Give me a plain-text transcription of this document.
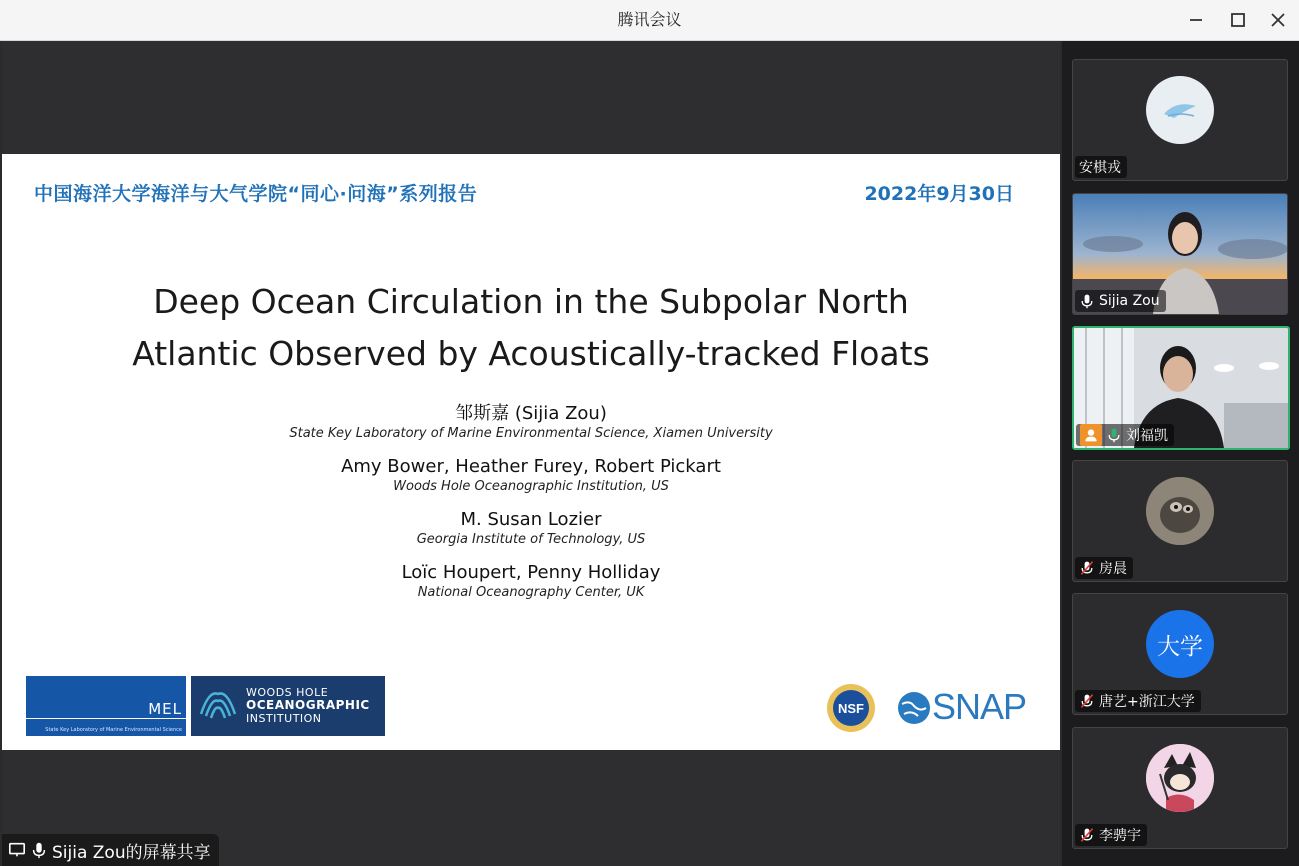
腾讯会议
中国海洋大学海洋与大气学院“同心·问海”系列报告	2022年9月30日
Deep Ocean Circulation in the Subpolar North
Atlantic Observed by Acoustically-tracked Floats
邹斯嘉 (Sijia Zou)
State Key Laboratory of Marine Environmental Science, Xiamen University
Amy Bower, Heather Furey, Robert Pickart
Woods Hole Oceanographic Institution, US
M. Susan Lozier
Georgia Institute of Technology, US
Loïc Houpert, Penny Holliday
National Oceanography Center, UK
MEL
State Key Laboratory of Marine Environmental Science
WOODS HOLE
OCEANOGRAPHIC
INSTITUTION
NSF SNAP
Sijia Zou的屏幕共享
安棋戎
Sijia Zou
刘福凯
房晨
大学
唐艺+浙江大学
李骋宇
